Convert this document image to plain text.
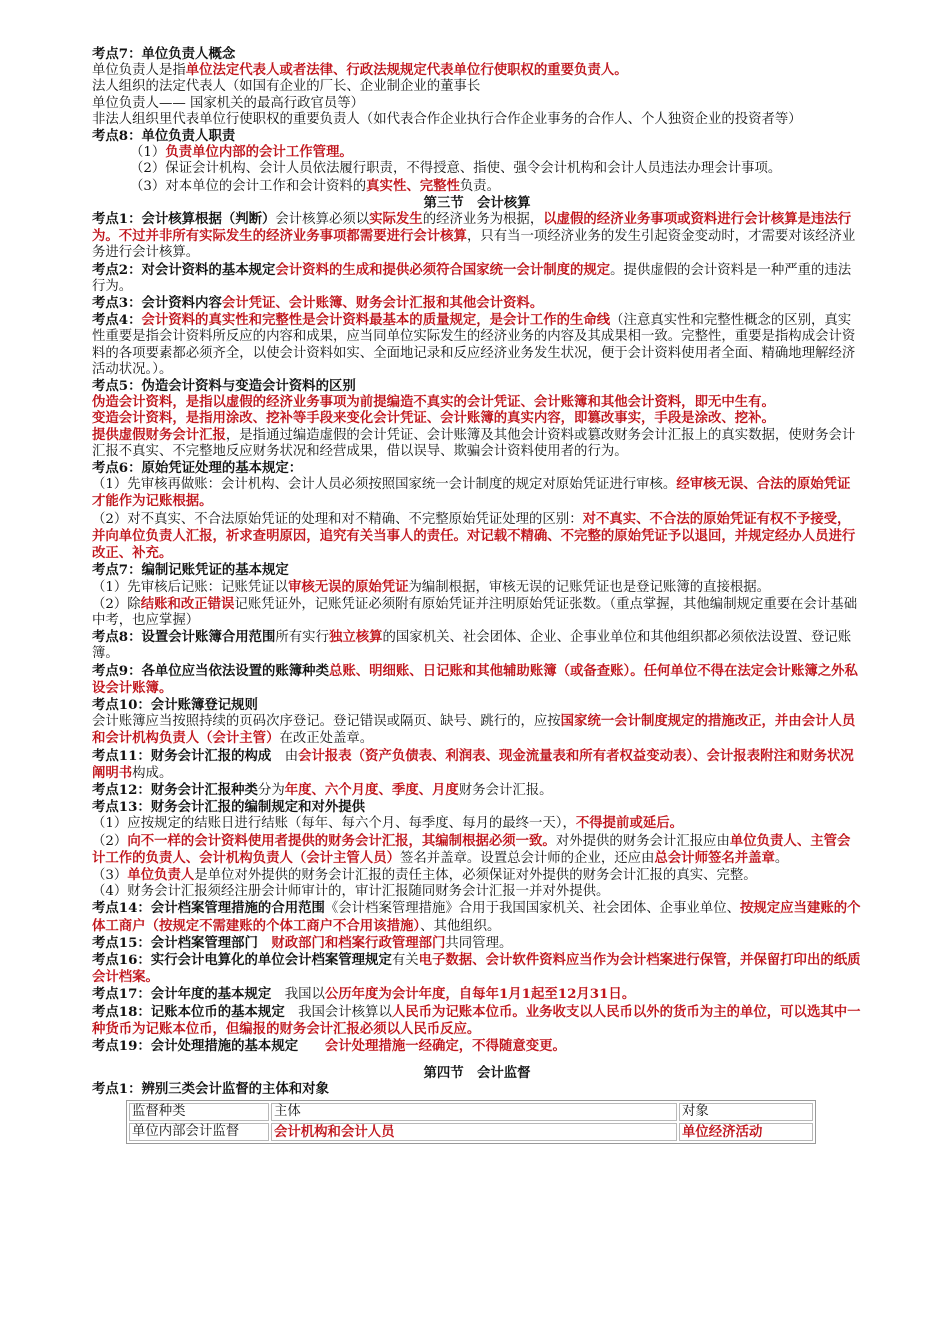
考点7：单位负责人概念

单位负责人是指单位法定代表人或者法律、行政法规规定代表单位行使职权的重要负责人。

法人组织的法定代表人（如国有企业的厂长、企业制企业的董事长

单位负责人—— 国家机关的最高行政官员等）

非法人组织里代表单位行使职权的重要负责人（如代表合作企业执行合作企业事务的合作人、个人独资企业的投资者等）

考点8：单位负责人职责

（1）负责单位内部的会计工作管理。

（2）保证会计机构、会计人员依法履行职责，不得授意、指使、强令会计机构和会计人员违法办理会计事项。

（3）对本单位的会计工作和会计资料的真实性、完整性负责。

第三节　会计核算

考点1：会计核算根据（判断）会计核算必须以实际发生的经济业务为根据，以虚假的经济业务事项或资料进行会计核算是违法行为。不过并非所有实际发生的经济业务事项都需要进行会计核算，只有当一项经济业务的发生引起资金变动时，才需要对该经济业务进行会计核算。

考点2：对会计资料的基本规定会计资料的生成和提供必须符合国家统一会计制度的规定。提供虚假的会计资料是一种严重的违法行为。

考点3：会计资料内容会计凭证、会计账簿、财务会计汇报和其他会计资料。

考点4：会计资料的真实性和完整性是会计资料最基本的质量规定，是会计工作的生命线（注意真实性和完整性概念的区别，真实性重要是指会计资料所反应的内容和成果，应当同单位实际发生的经济业务的内容及其成果相一致。完整性，重要是指构成会计资料的各项要素都必须齐全，以使会计资料如实、全面地记录和反应经济业务发生状况，便于会计资料使用者全面、精确地理解经济活动状况。）。

考点5：伪造会计资料与变造会计资料的区别

伪造会计资料，是指以虚假的经济业务事项为前提编造不真实的会计凭证、会计账簿和其他会计资料，即无中生有。

变造会计资料，是指用涂改、挖补等手段来变化会计凭证、会计账簿的真实内容，即篡改事实，手段是涂改、挖补。

提供虚假财务会计汇报，是指通过编造虚假的会计凭证、会计账簿及其他会计资料或篡改财务会计汇报上的真实数据，使财务会计汇报不真实、不完整地反应财务状况和经营成果，借以误导、欺骗会计资料使用者的行为。

考点6：原始凭证处理的基本规定：

（1）先审核再做账：会计机构、会计人员必须按照国家统一会计制度的规定对原始凭证进行审核。经审核无误、合法的原始凭证才能作为记账根据。

（2）对不真实、不合法原始凭证的处理和对不精确、不完整原始凭证处理的区别：对不真实、不合法的原始凭证有权不予接受，并向单位负责人汇报，祈求查明原因，追究有关当事人的责任。对记载不精确、不完整的原始凭证予以退回，并规定经办人员进行改正、补充。

考点7：编制记账凭证的基本规定

（1）先审核后记账：记账凭证以审核无误的原始凭证为编制根据，审核无误的记账凭证也是登记账簿的直接根据。

（2）除结账和改正错误记账凭证外，记账凭证必须附有原始凭证并注明原始凭证张数。（重点掌握，其他编制规定重要在会计基础中考，也应掌握）

考点8：设置会计账簿合用范围所有实行独立核算的国家机关、社会团体、企业、企事业单位和其他组织都必须依法设置、登记账簿。

考点9：各单位应当依法设置的账簿种类总账、明细账、日记账和其他辅助账簿（或备查账）。任何单位不得在法定会计账簿之外私设会计账簿。

考点10：会计账簿登记规则

会计账簿应当按照持续的页码次序登记。登记错误或隔页、缺号、跳行的，应按国家统一会计制度规定的措施改正，并由会计人员和会计机构负责人（会计主管）在改正处盖章。

考点11：财务会计汇报的构成　 由会计报表（资产负债表、利润表、现金流量表和所有者权益变动表）、会计报表附注和财务状况阐明书构成。

考点12：财务会计汇报种类分为年度、六个月度、季度、月度财务会计汇报。

考点13：财务会计汇报的编制规定和对外提供

（1）应按规定的结账日进行结账（每年、每六个月、每季度、每月的最终一天），不得提前或延后。

（2）向不一样的会计资料使用者提供的财务会计汇报，其编制根据必须一致。对外提供的财务会计汇报应由单位负责人、主管会计工作的负责人、会计机构负责人（会计主管人员）签名并盖章。设置总会计师的企业，还应由总会计师签名并盖章。

（3）单位负责人是单位对外提供的财务会计汇报的责任主体，必须保证对外提供的财务会计汇报的真实、完整。

（4）财务会计汇报须经注册会计师审计的，审计汇报随同财务会计汇报一并对外提供。

考点14：会计档案管理措施的合用范围《会计档案管理措施》合用于我国国家机关、社会团体、企事业单位、按规定应当建账的个体工商户（按规定不需建账的个体工商户不合用该措施）、其他组织。

考点15：会计档案管理部门　 财政部门和档案行政管理部门共同管理。

考点16：实行会计电算化的单位会计档案管理规定有关电子数据、会计软件资料应当作为会计档案进行保管，并保留打印出的纸质会计档案。

考点17：会计年度的基本规定　 我国以公历年度为会计年度，自每年1月1起至12月31日。

考点18：记账本位币的基本规定　 我国会计核算以人民币为记账本位币。业务收支以人民币以外的货币为主的单位，可以选其中一种货币为记账本位币，但编报的财务会计汇报必须以人民币反应。

考点19：会计处理措施的基本规定　　 会计处理措施一经确定，不得随意变更。

第四节　会计监督

考点1：辨别三类会计监督的主体和对象

监督种类	主体	对象
单位内部会计监督	会计机构和会计人员	单位经济活动
